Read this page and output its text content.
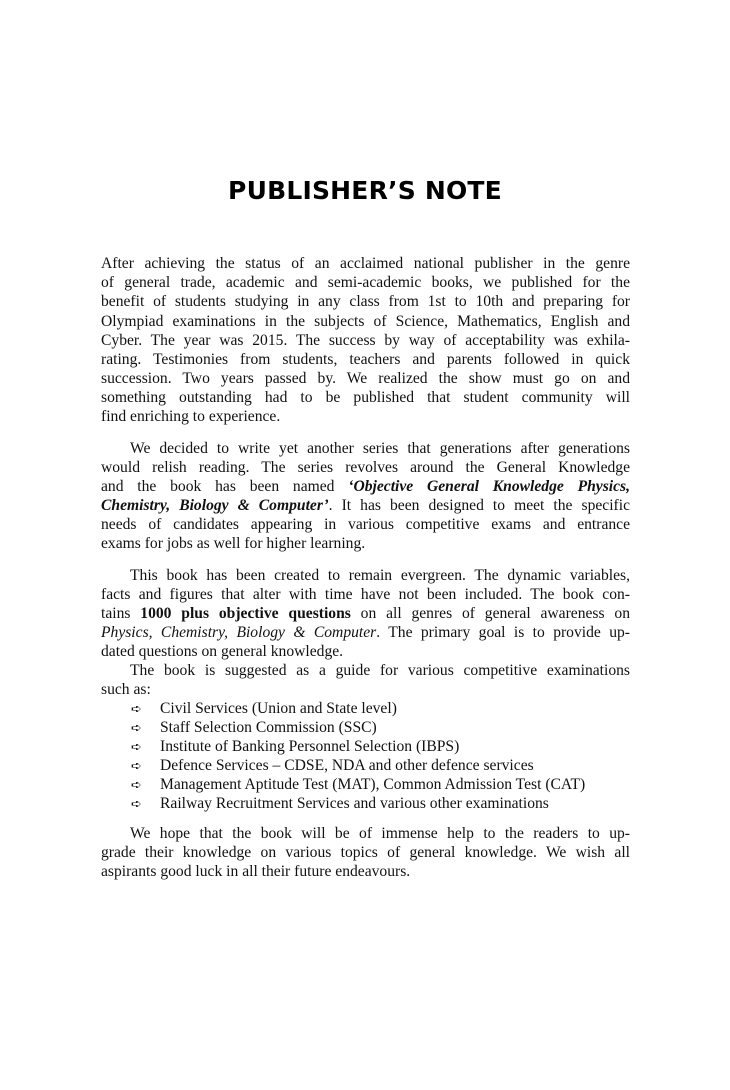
PUBLISHER’S NOTE
After achieving the status of an acclaimed national publisher in the genre
of general trade, academic and semi-academic books, we published for the
benefit of students studying in any class from 1st to 10th and preparing for
Olympiad examinations in the subjects of Science, Mathematics, English and
Cyber. The year was 2015. The success by way of acceptability was exhila-
rating. Testimonies from students, teachers and parents followed in quick
succession. Two years passed by. We realized the show must go on and
something outstanding had to be published that student community will
find enriching to experience.
We decided to write yet another series that generations after generations
would relish reading. The series revolves around the General Knowledge
and the book has been named ‘Objective General Knowledge Physics,
Chemistry, Biology & Computer’. It has been designed to meet the specific
needs of candidates appearing in various competitive exams and entrance
exams for jobs as well for higher learning.
This book has been created to remain evergreen. The dynamic variables,
facts and figures that alter with time have not been included. The book con-
tains 1000 plus objective questions on all genres of general awareness on
Physics, Chemistry, Biology & Computer. The primary goal is to provide up-
dated questions on general knowledge.
The book is suggested as a guide for various competitive examinations
such as:
➪ Civil Services (Union and State level)
➪ Staff Selection Commission (SSC)
➪ Institute of Banking Personnel Selection (IBPS)
➪ Defence Services – CDSE, NDA and other defence services
➪ Management Aptitude Test (MAT), Common Admission Test (CAT)
➪ Railway Recruitment Services and various other examinations
We hope that the book will be of immense help to the readers to up-
grade their knowledge on various topics of general knowledge. We wish all
aspirants good luck in all their future endeavours.
